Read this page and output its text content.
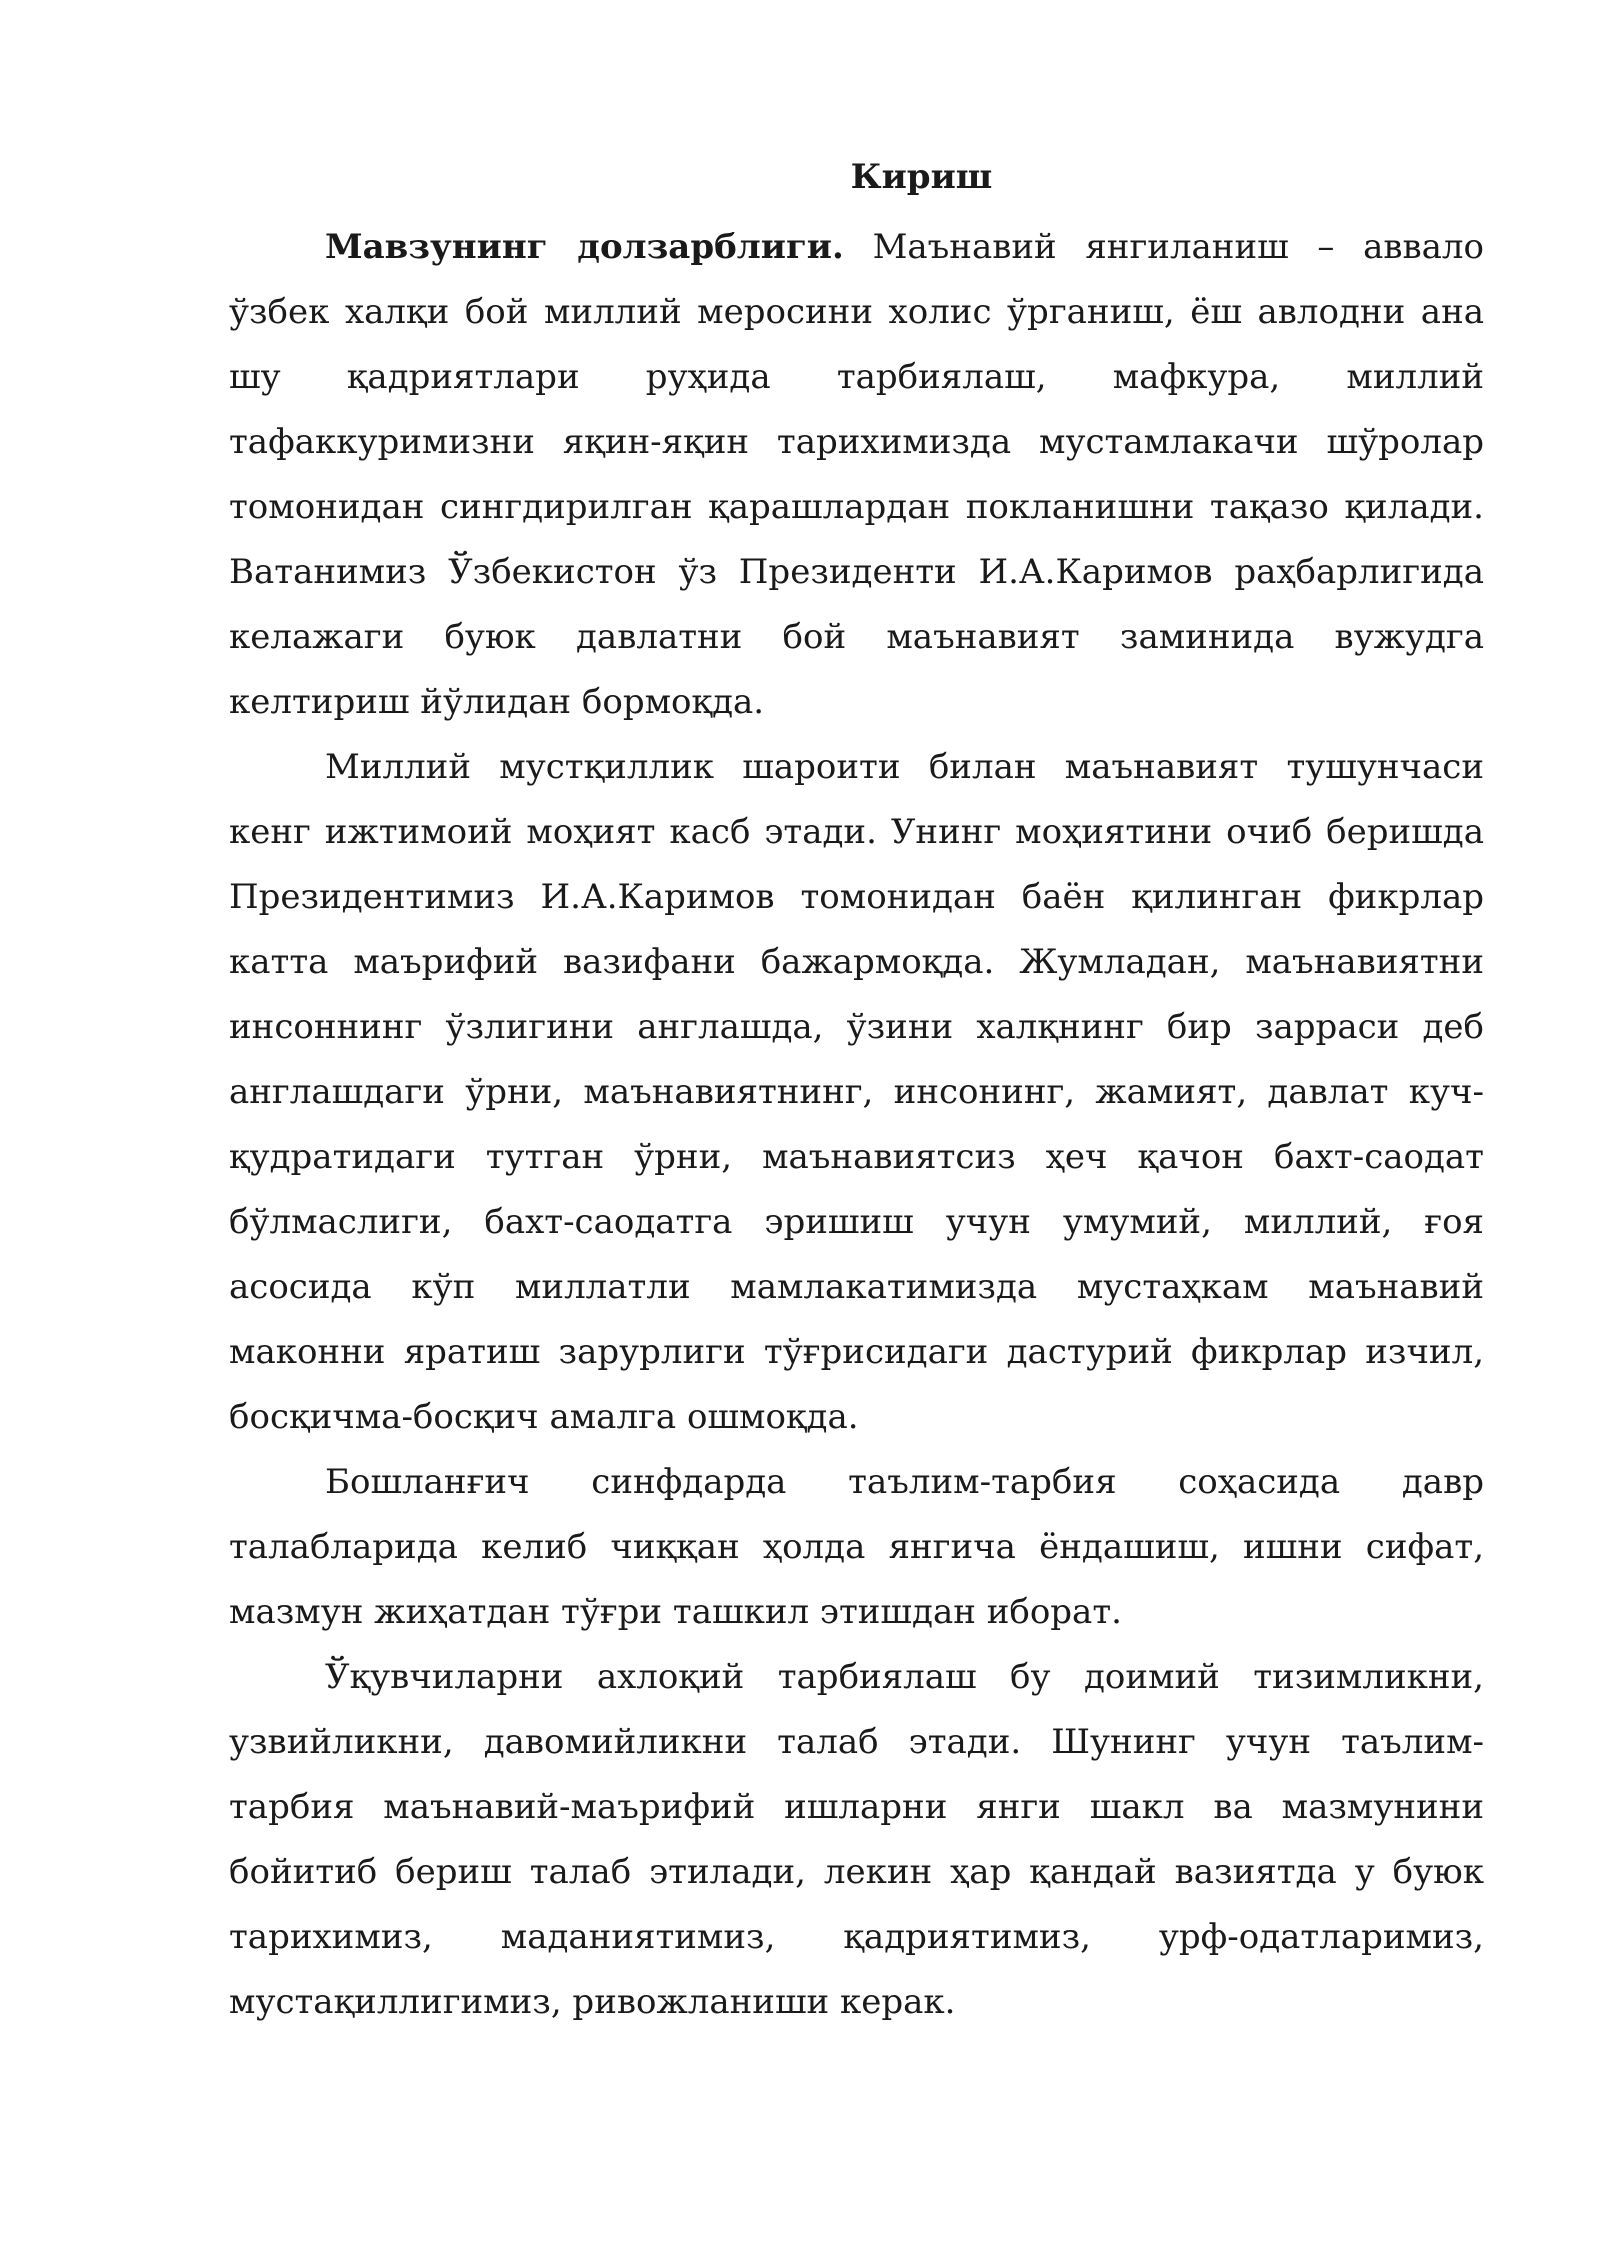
Кириш

Мавзунинг долзарблиги. Маънавий янгиланиш – аввало ўзбек халқи бой миллий меросини холис ўрганиш, ёш авлодни ана шу қадриятлари руҳида тарбиялаш, мафкура, миллий тафаккуримизни яқин-яқин тарихимизда мустамлакачи шўролар томонидан сингдирилган қарашлардан покланишни тақазо қилади. Ватанимиз Ўзбекистон ўз Президенти И.А.Каримов раҳбарлигида келажаги буюк давлатни бой маънавият заминида вужудга келтириш йўлидан бормоқда.

Миллий мустқиллик шароити билан маънавият тушунчаси кенг ижтимоий моҳият касб этади. Унинг моҳиятини очиб беришда Президентимиз И.А.Каримов томонидан баён қилинган фикрлар катта маърифий вазифани бажармоқда. Жумладан, маънавиятни инсоннинг ўзлигини англашда, ўзини халқнинг бир зарраси деб англашдаги ўрни, маънавиятнинг, инсонинг, жамият, давлат куч-қудратидаги тутган ўрни, маънавиятсиз ҳеч қачон бахт-саодат бўлмаслиги, бахт-саодатга эришиш учун умумий, миллий, ғоя асосида кўп миллатли мамлакатимизда мустаҳкам маънавий маконни яратиш зарурлиги тўғрисидаги дастурий фикрлар изчил, босқичма-босқич амалга ошмоқда.

Бошланғич синфдарда таълим-тарбия соҳасида давр талабларида келиб чиққан ҳолда янгича ёндашиш, ишни сифат, мазмун жиҳатдан тўғри ташкил этишдан иборат.

Ўқувчиларни ахлоқий тарбиялаш бу доимий тизимликни, узвийликни, давомийликни талаб этади. Шунинг учун таълим-тарбия маънавий-маърифий ишларни янги шакл ва мазмунини бойитиб бериш талаб этилади, лекин ҳар қандай вазиятда у буюк тарихимиз, маданиятимиз, қадриятимиз, урф-одатларимиз, мустақиллигимиз, ривожланиши керак.
